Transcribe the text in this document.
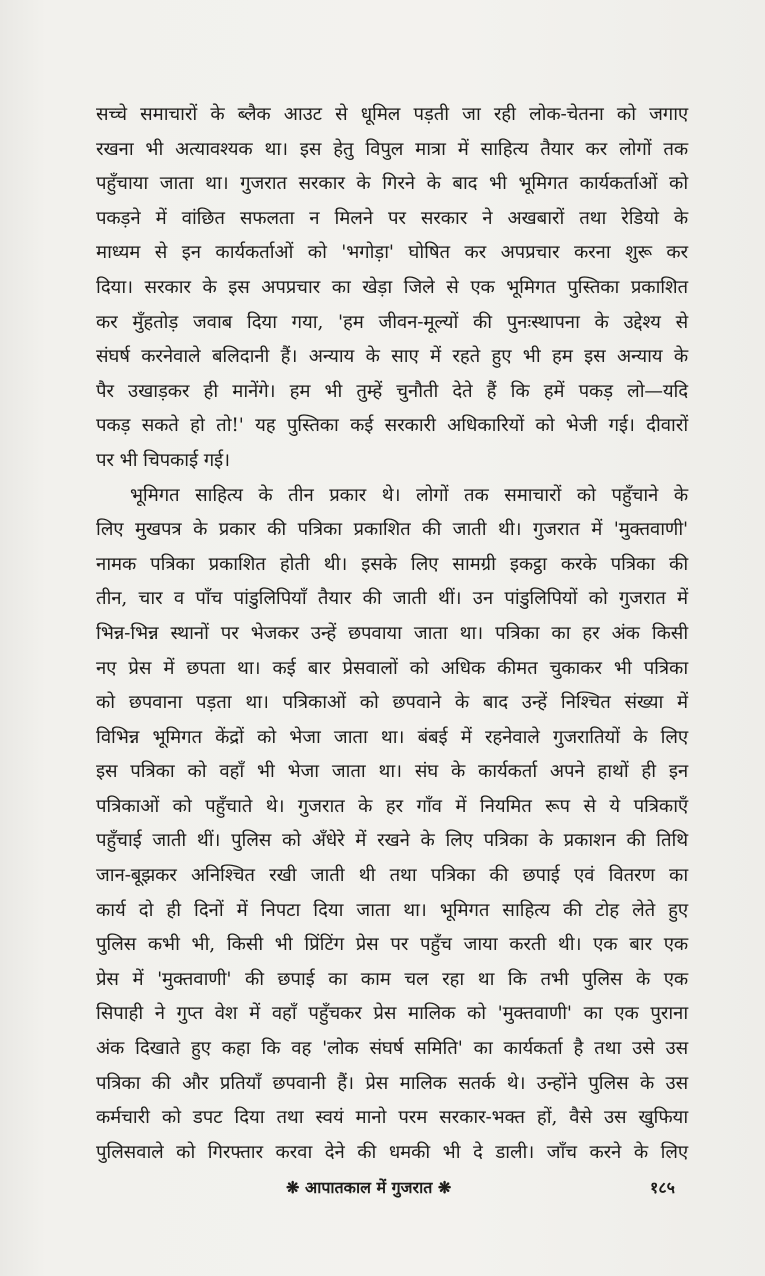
सच्चे समाचारों के ब्लैक आउट से धूमिल पड़ती जा रही लोक-चेतना को जगाए
रखना भी अत्यावश्यक था। इस हेतु विपुल मात्रा में साहित्य तैयार कर लोगों तक
पहुँचाया जाता था। गुजरात सरकार के गिरने के बाद भी भूमिगत कार्यकर्ताओं को
पकड़ने में वांछित सफलता न मिलने पर सरकार ने अखबारों तथा रेडियो के
माध्यम से इन कार्यकर्ताओं को 'भगोड़ा' घोषित कर अपप्रचार करना शुरू कर
दिया। सरकार के इस अपप्रचार का खेड़ा जिले से एक भूमिगत पुस्तिका प्रकाशित
कर मुँहतोड़ जवाब दिया गया, 'हम जीवन-मूल्यों की पुनःस्थापना के उद्देश्य से
संघर्ष करनेवाले बलिदानी हैं। अन्याय के साए में रहते हुए भी हम इस अन्याय के
पैर उखाड़कर ही मानेंगे। हम भी तुम्हें चुनौती देते हैं कि हमें पकड़ लो—यदि
पकड़ सकते हो तो!' यह पुस्तिका कई सरकारी अधिकारियों को भेजी गई। दीवारों
पर भी चिपकाई गई।
भूमिगत साहित्य के तीन प्रकार थे। लोगों तक समाचारों को पहुँचाने के
लिए मुखपत्र के प्रकार की पत्रिका प्रकाशित की जाती थी। गुजरात में 'मुक्तवाणी'
नामक पत्रिका प्रकाशित होती थी। इसके लिए सामग्री इकट्ठा करके पत्रिका की
तीन, चार व पाँच पांडुलिपियाँ तैयार की जाती थीं। उन पांडुलिपियों को गुजरात में
भिन्न-भिन्न स्थानों पर भेजकर उन्हें छपवाया जाता था। पत्रिका का हर अंक किसी
नए प्रेस में छपता था। कई बार प्रेसवालों को अधिक कीमत चुकाकर भी पत्रिका
को छपवाना पड़ता था। पत्रिकाओं को छपवाने के बाद उन्हें निश्चित संख्या में
विभिन्न भूमिगत केंद्रों को भेजा जाता था। बंबई में रहनेवाले गुजरातियों के लिए
इस पत्रिका को वहाँ भी भेजा जाता था। संघ के कार्यकर्ता अपने हाथों ही इन
पत्रिकाओं को पहुँचाते थे। गुजरात के हर गाँव में नियमित रूप से ये पत्रिकाएँ
पहुँचाई जाती थीं। पुलिस को अँधेरे में रखने के लिए पत्रिका के प्रकाशन की तिथि
जान-बूझकर अनिश्चित रखी जाती थी तथा पत्रिका की छपाई एवं वितरण का
कार्य दो ही दिनों में निपटा दिया जाता था। भूमिगत साहित्य की टोह लेते हुए
पुलिस कभी भी, किसी भी प्रिंटिंग प्रेस पर पहुँच जाया करती थी। एक बार एक
प्रेस में 'मुक्तवाणी' की छपाई का काम चल रहा था कि तभी पुलिस के एक
सिपाही ने गुप्त वेश में वहाँ पहुँचकर प्रेस मालिक को 'मुक्तवाणी' का एक पुराना
अंक दिखाते हुए कहा कि वह 'लोक संघर्ष समिति' का कार्यकर्ता है तथा उसे उस
पत्रिका की और प्रतियाँ छपवानी हैं। प्रेस मालिक सतर्क थे। उन्होंने पुलिस के उस
कर्मचारी को डपट दिया तथा स्वयं मानो परम सरकार-भक्त हों, वैसे उस खुफिया
पुलिसवाले को गिरफ्तार करवा देने की धमकी भी दे डाली। जाँच करने के लिए
❋ आपातकाल में गुजरात ❋	१८५
